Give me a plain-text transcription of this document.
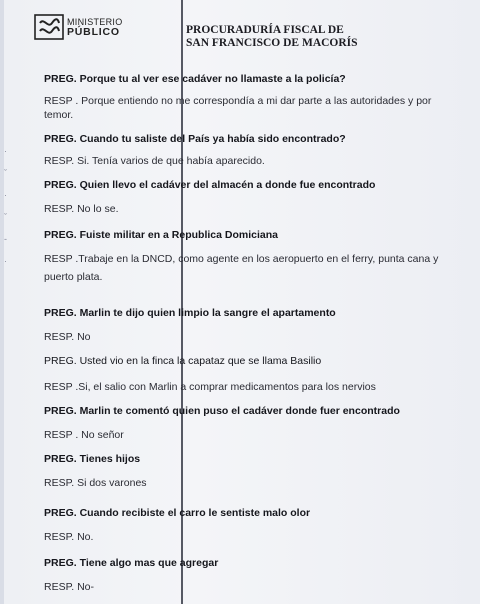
MINISTERIO
PÚBLICO	PROCURADURÍA FISCAL DE
SAN FRANCISCO DE MACORÍS
·
ˇ
·
ˇ
-
·
PREG. Porque tu al ver ese cadáver no llamaste a la policía?
RESP . Porque entiendo no me correspondía a mi dar parte a las autoridades y por temor.
PREG. Cuando tu saliste del País ya había sido encontrado?
RESP. Si. Tenía varios de que había aparecido.
PREG. Quien llevo el cadáver del almacén a donde fue encontrado
RESP. No lo se.
PREG. Fuiste militar en a Republica Domiciana
RESP .Trabaje en la DNCD, como agente en los aeropuerto en el ferry, punta cana y puerto plata.
PREG. Marlin te dijo quien limpio la sangre el apartamento
RESP. No
PREG. Usted vio en la finca la capataz que se llama Basilio
RESP .Si, el salio con Marlin a comprar medicamentos para los nervios
PREG. Marlin te comentó quien puso el cadáver donde fuer encontrado
RESP . No señor
PREG. Tienes hijos
RESP. Si dos varones
PREG. Cuando recibiste el carro le sentiste malo olor
RESP. No.
PREG. Tiene algo mas que agregar
RESP. No-
